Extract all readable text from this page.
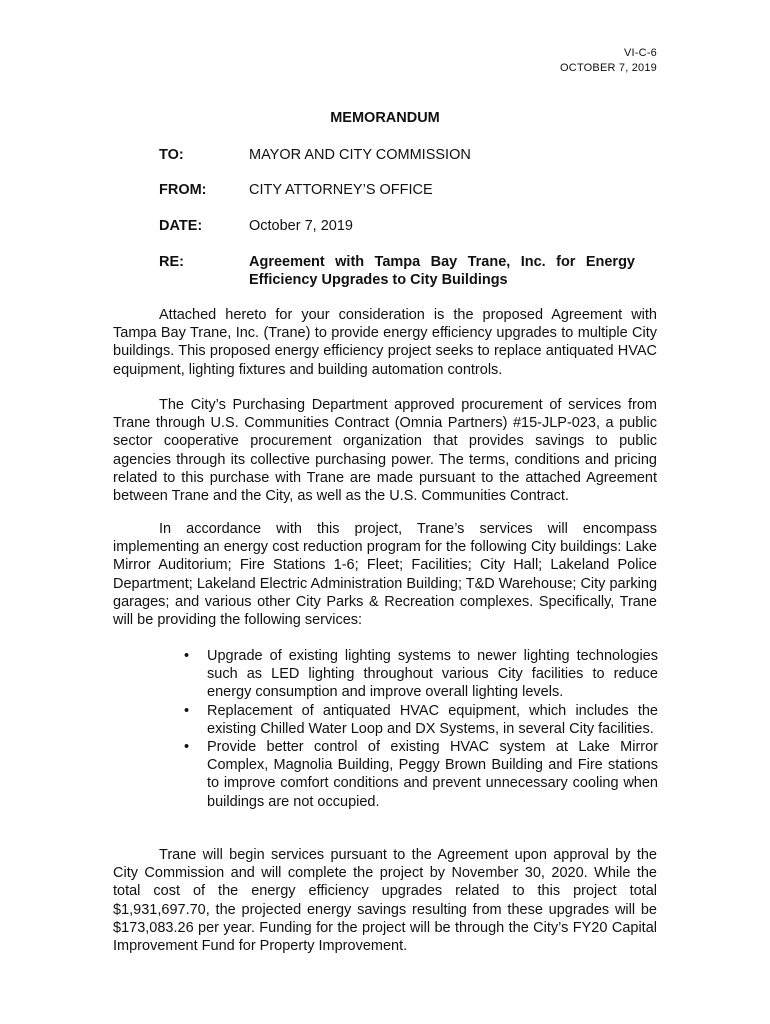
VI-C-6
OCTOBER 7, 2019
MEMORANDUM
TO:	MAYOR AND CITY COMMISSION
FROM:	CITY ATTORNEY’S OFFICE
DATE:	October 7, 2019
RE:	Agreement with Tampa Bay Trane, Inc. for Energy Efficiency Upgrades to City Buildings

Attached hereto for your consideration is the proposed Agreement with Tampa Bay Trane, Inc. (Trane) to provide energy efficiency upgrades to multiple City buildings. This proposed energy efficiency project seeks to replace antiquated HVAC equipment, lighting fixtures and building automation controls.

The City’s Purchasing Department approved procurement of services from Trane through U.S. Communities Contract (Omnia Partners) #15-JLP-023, a public sector cooperative procurement organization that provides savings to public agencies through its collective purchasing power. The terms, conditions and pricing related to this purchase with Trane are made pursuant to the attached Agreement between Trane and the City, as well as the U.S. Communities Contract.

In accordance with this project, Trane’s services will encompass implementing an energy cost reduction program for the following City buildings: Lake Mirror Auditorium; Fire Stations 1-6; Fleet; Facilities; City Hall; Lakeland Police Department; Lakeland Electric Administration Building; T&D Warehouse; City parking garages; and various other City Parks & Recreation complexes. Specifically, Trane will be providing the following services:

• Upgrade of existing lighting systems to newer lighting technologies such as LED lighting throughout various City facilities to reduce energy consumption and improve overall lighting levels.
• Replacement of antiquated HVAC equipment, which includes the existing Chilled Water Loop and DX Systems, in several City facilities.
• Provide better control of existing HVAC system at Lake Mirror Complex, Magnolia Building, Peggy Brown Building and Fire stations to improve comfort conditions and prevent unnecessary cooling when buildings are not occupied.

Trane will begin services pursuant to the Agreement upon approval by the City Commission and will complete the project by November 30, 2020. While the total cost of the energy efficiency upgrades related to this project total $1,931,697.70, the projected energy savings resulting from these upgrades will be $173,083.26 per year. Funding for the project will be through the City’s FY20 Capital Improvement Fund for Property Improvement.
